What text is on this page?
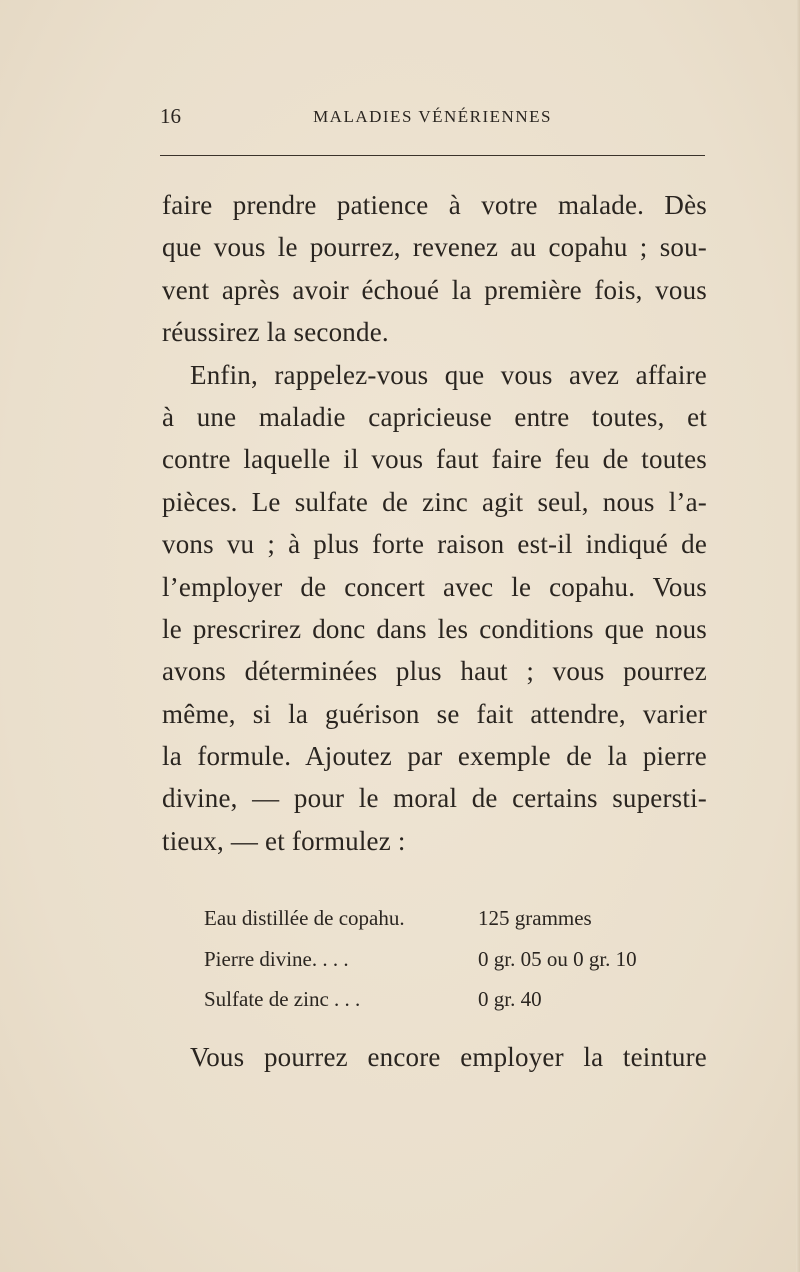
16	MALADIES VÉNÉRIENNES
faire prendre patience à votre malade. Dès
que vous le pourrez, revenez au copahu ; sou-
vent après avoir échoué la première fois, vous
réussirez la seconde.
Enfin, rappelez-vous que vous avez affaire
à une maladie capricieuse entre toutes, et
contre laquelle il vous faut faire feu de toutes
pièces. Le sulfate de zinc agit seul, nous l’a-
vons vu ; à plus forte raison est-il indiqué de
l’employer de concert avec le copahu. Vous
le prescrirez donc dans les conditions que nous
avons déterminées plus haut ; vous pourrez
même, si la guérison se fait attendre, varier
la formule. Ajoutez par exemple de la pierre
divine, — pour le moral de certains supersti-
tieux, — et formulez :
Eau distillée de copahu.	125 grammes
Pierre divine. . . .	0 gr. 05 ou 0 gr. 10
Sulfate de zinc . . .	0 gr. 40
Vous pourrez encore employer la teinture
